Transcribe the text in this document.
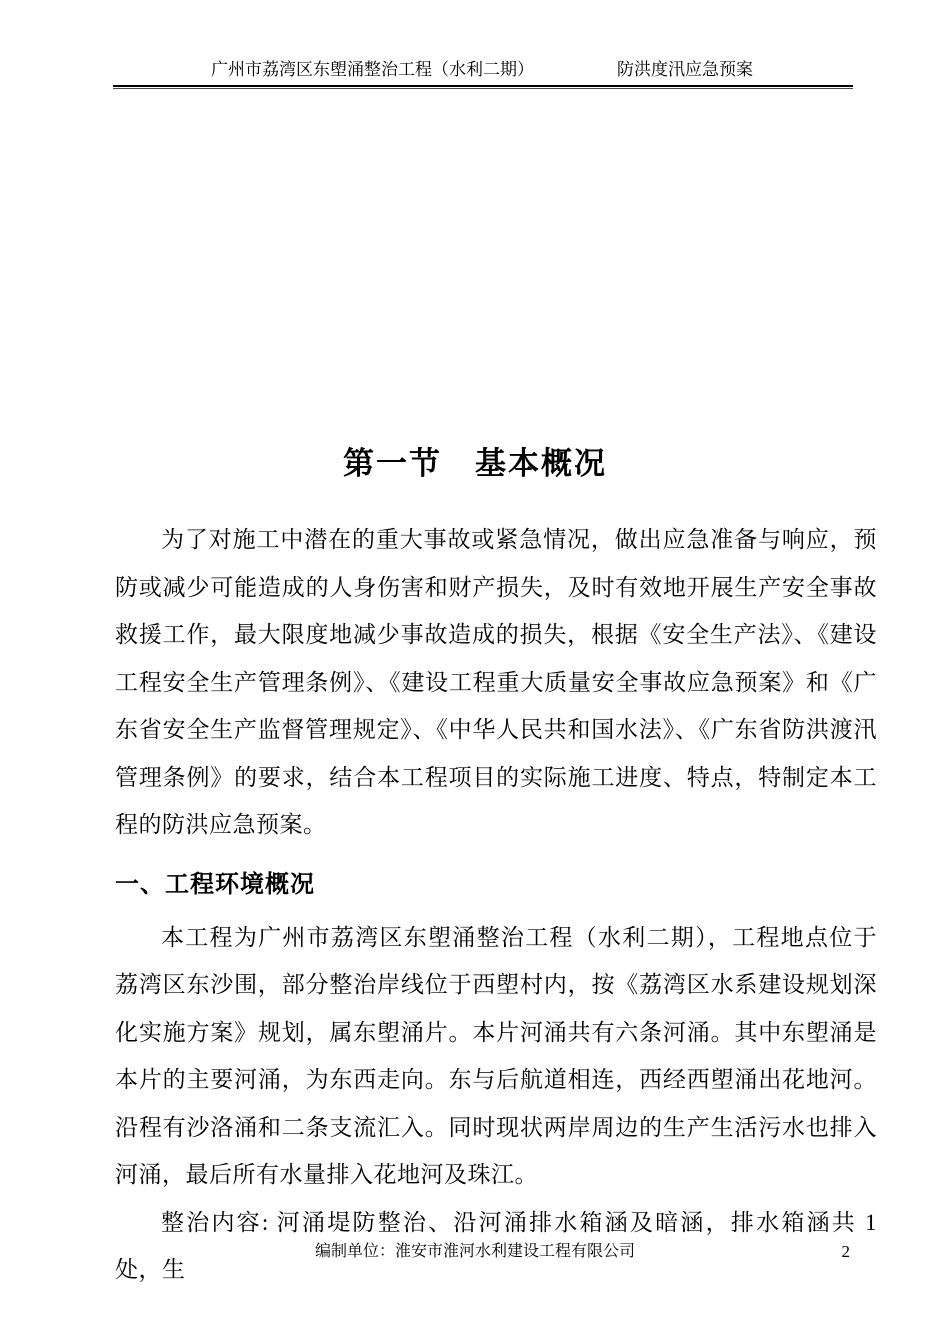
广州市荔湾区东塱涌整治工程（水利二期）	防洪度汛应急预案
第一节　基本概况

为了对施工中潜在的重大事故或紧急情况，做出应急准备与响应，预防或减少可能造成的人身伤害和财产损失，及时有效地开展生产安全事故救援工作，最大限度地减少事故造成的损失，根据《安全生产法》、《建设工程安全生产管理条例》、《建设工程重大质量安全事故应急预案》和《广东省安全生产监督管理规定》、《中华人民共和国水法》、《广东省防洪渡汛管理条例》的要求，结合本工程项目的实际施工进度、特点，特制定本工程的防洪应急预案。

一、工程环境概况

本工程为广州市荔湾区东塱涌整治工程（水利二期），工程地点位于荔湾区东沙围，部分整治岸线位于西塱村内，按《荔湾区水系建设规划深化实施方案》规划，属东塱涌片。本片河涌共有六条河涌。其中东塱涌是本片的主要河涌，为东西走向。东与后航道相连，西经西塱涌出花地河。沿程有沙洛涌和二条支流汇入。同时现状两岸周边的生产生活污水也排入河涌，最后所有水量排入花地河及珠江。

整治内容: 河涌堤防整治、沿河涌排水箱涵及暗涵，排水箱涵共 1 处，生

编制单位：淮安市淮河水利建设工程有限公司	2
